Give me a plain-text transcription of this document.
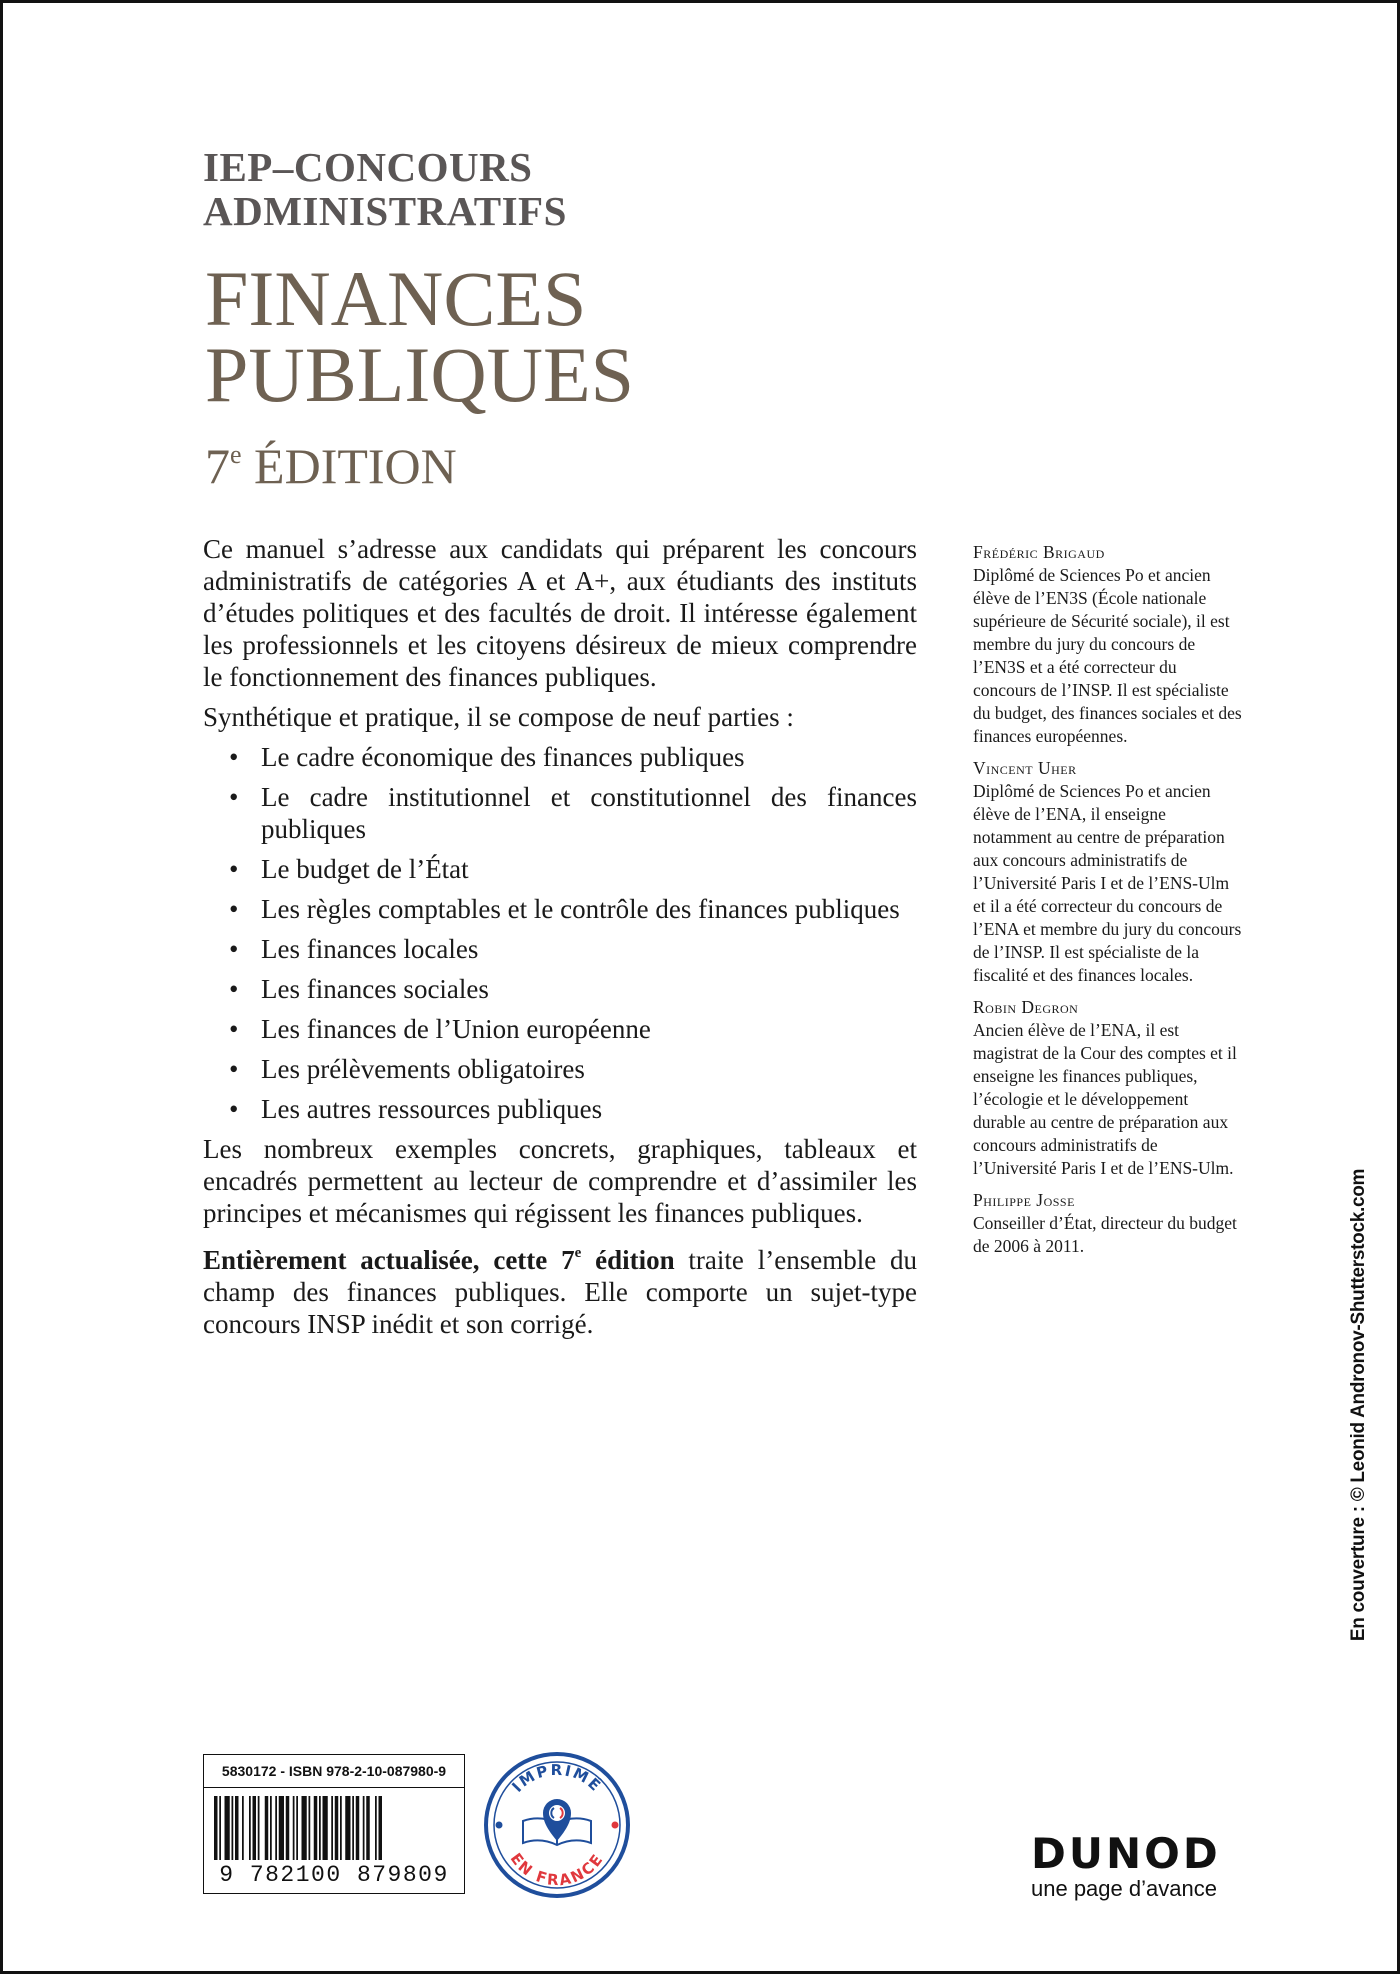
IEP–CONCOURS
ADMINISTRATIFS
FINANCES
PUBLIQUES
7e ÉDITION

Ce manuel s’adresse aux candidats qui préparent les concours administratifs de catégories A et A+, aux étudiants des instituts d’études politiques et des facultés de droit. Il intéresse également les professionnels et les citoyens désireux de mieux comprendre le fonctionnement des finances publiques.

Synthétique et pratique, il se compose de neuf parties :

• Le cadre économique des finances publiques
• Le cadre institutionnel et constitutionnel des finances publiques
• Le budget de l’État
• Les règles comptables et le contrôle des finances publiques
• Les finances locales
• Les finances sociales
• Les finances de l’Union européenne
• Les prélèvements obligatoires
• Les autres ressources publiques

Les nombreux exemples concrets, graphiques, tableaux et encadrés permettent au lecteur de comprendre et d’assimiler les principes et mécanismes qui régissent les finances publiques.

Entièrement actualisée, cette 7e édition traite l’ensemble du champ des finances publiques. Elle comporte un sujet-type concours INSP inédit et son corrigé.

Frédéric Brigaud
Diplômé de Sciences Po et ancien élève de l’EN3S (École nationale supérieure de Sécurité sociale), il est membre du jury du concours de l’EN3S et a été correcteur du concours de l’INSP. Il est spécialiste du budget, des finances sociales et des finances européennes.
Vincent Uher
Diplômé de Sciences Po et ancien élève de l’ENA, il enseigne notamment au centre de préparation aux concours administratifs de l’Université Paris I et de l’ENS-Ulm et il a été correcteur du concours de l’ENA et membre du jury du concours de l’INSP. Il est spécialiste de la fiscalité et des finances locales.
Robin Degron
Ancien élève de l’ENA, il est magistrat de la Cour des comptes et il enseigne les finances publiques, l’écologie et le développement durable au centre de préparation aux concours administratifs de l’Université Paris I et de l’ENS-Ulm.
Philippe Josse
Conseiller d’État, directeur du budget de 2006 à 2011.	En couverture : © Leonid Andronov-Shutterstock.com
5830172 - ISBN 978-2-10-087980-9
9 782100 879809
IMPRIMÉ
EN FRANCE	DUNOD
une page d’avance
